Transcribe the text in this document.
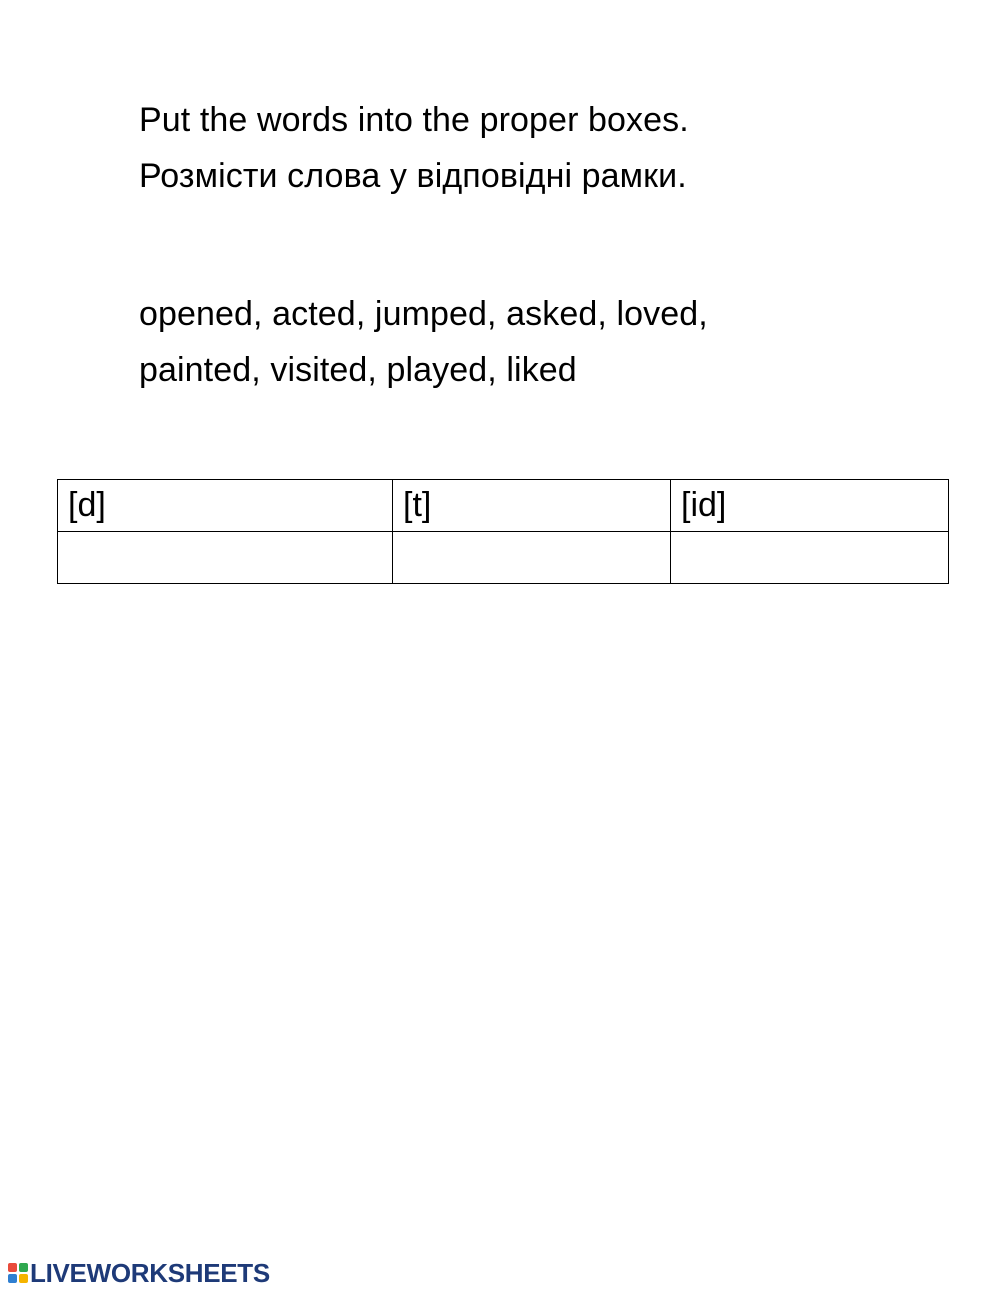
Put the words into the proper boxes.
Розмісти слова у відповідні рамки.
opened, acted, jumped, asked, loved,
painted, visited, played, liked
[d]	[t]	[id]

LIVEWORKSHEETS
